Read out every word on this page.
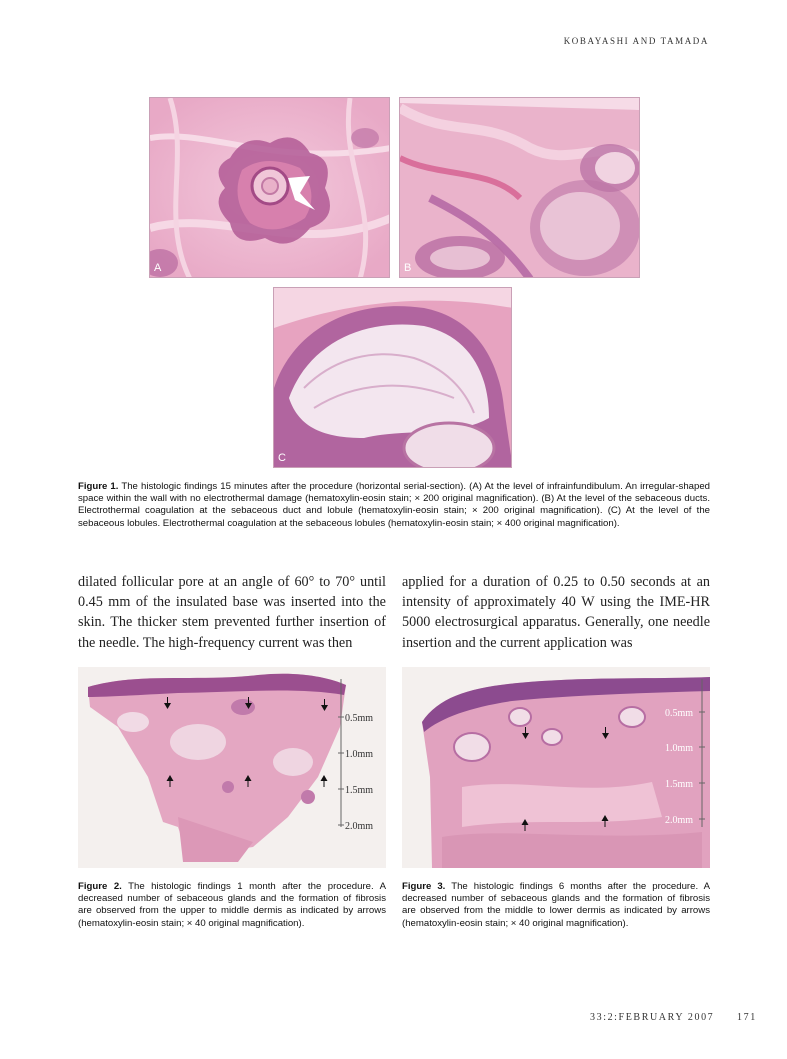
KOBAYASHI AND TAMADA
A	B
C

Figure 1. The histologic findings 15 minutes after the procedure (horizontal serial-section). (A) At the level of infrainfundibulum. An irregular-shaped space within the wall with no electrothermal damage (hematoxylin-eosin stain; × 200 original magnification). (B) At the level of the sebaceous ducts. Electrothermal coagulation at the sebaceous duct and lobule (hematoxylin-eosin stain; × 200 original magnification). (C) At the level of the sebaceous lobules. Electrothermal coagulation at the sebaceous lobules (hematoxylin-eosin stain; × 400 original magnification).

dilated follicular pore at an angle of 60° to 70° until 0.45 mm of the insulated base was inserted into the skin. The thicker stem prevented further insertion of the needle. The high-frequency current was then

applied for a duration of 0.25 to 0.50 seconds at an intensity of approximately 40 W using the IME-HR 5000 electrosurgical apparatus. Generally, one needle insertion and the current application was

0.5mm
1.0mm
1.5mm
2.0mm
0.5mm
1.0mm
1.5mm
2.0mm

Figure 2. The histologic findings 1 month after the procedure. A decreased number of sebaceous glands and the formation of fibrosis are observed from the upper to middle dermis as indicated by arrows (hematoxylin-eosin stain; × 40 original magnification).

Figure 3. The histologic findings 6 months after the procedure. A decreased number of sebaceous glands and the formation of fibrosis are observed from the middle to lower dermis as indicated by arrows (hematoxylin-eosin stain; × 40 original magnification).

33:2:FEBRUARY 2007 171
